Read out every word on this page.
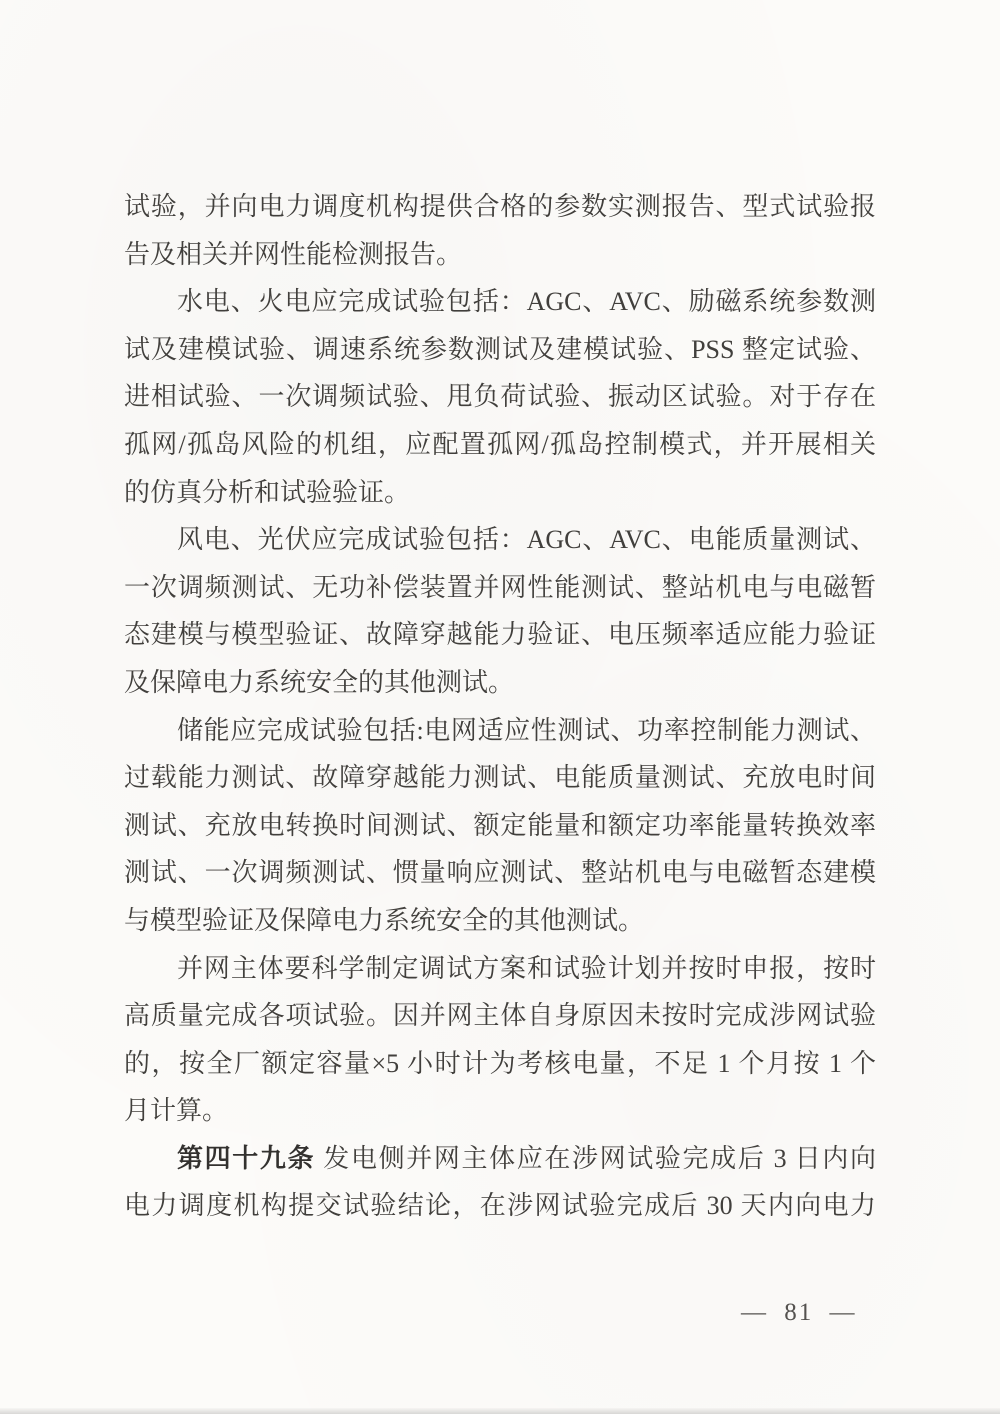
试验，并向电力调度机构提供合格的参数实测报告、型式试验报
告及相关并网性能检测报告。
水电、火电应完成试验包括：AGC、AVC、励磁系统参数测
试及建模试验、调速系统参数测试及建模试验、PSS 整定试验、
进相试验、一次调频试验、甩负荷试验、振动区试验。对于存在
孤网/孤岛风险的机组，应配置孤网/孤岛控制模式，并开展相关
的仿真分析和试验验证。
风电、光伏应完成试验包括：AGC、AVC、电能质量测试、
一次调频测试、无功补偿装置并网性能测试、整站机电与电磁暂
态建模与模型验证、故障穿越能力验证、电压频率适应能力验证
及保障电力系统安全的其他测试。
储能应完成试验包括:电网适应性测试、功率控制能力测试、
过载能力测试、故障穿越能力测试、电能质量测试、充放电时间
测试、充放电转换时间测试、额定能量和额定功率能量转换效率
测试、一次调频测试、惯量响应测试、整站机电与电磁暂态建模
与模型验证及保障电力系统安全的其他测试。
并网主体要科学制定调试方案和试验计划并按时申报，按时
高质量完成各项试验。因并网主体自身原因未按时完成涉网试验
的，按全厂额定容量×5 小时计为考核电量，不足 1 个月按 1 个
月计算。
第四十九条 发电侧并网主体应在涉网试验完成后 3 日内向
电力调度机构提交试验结论，在涉网试验完成后 30 天内向电力
— 81 —
